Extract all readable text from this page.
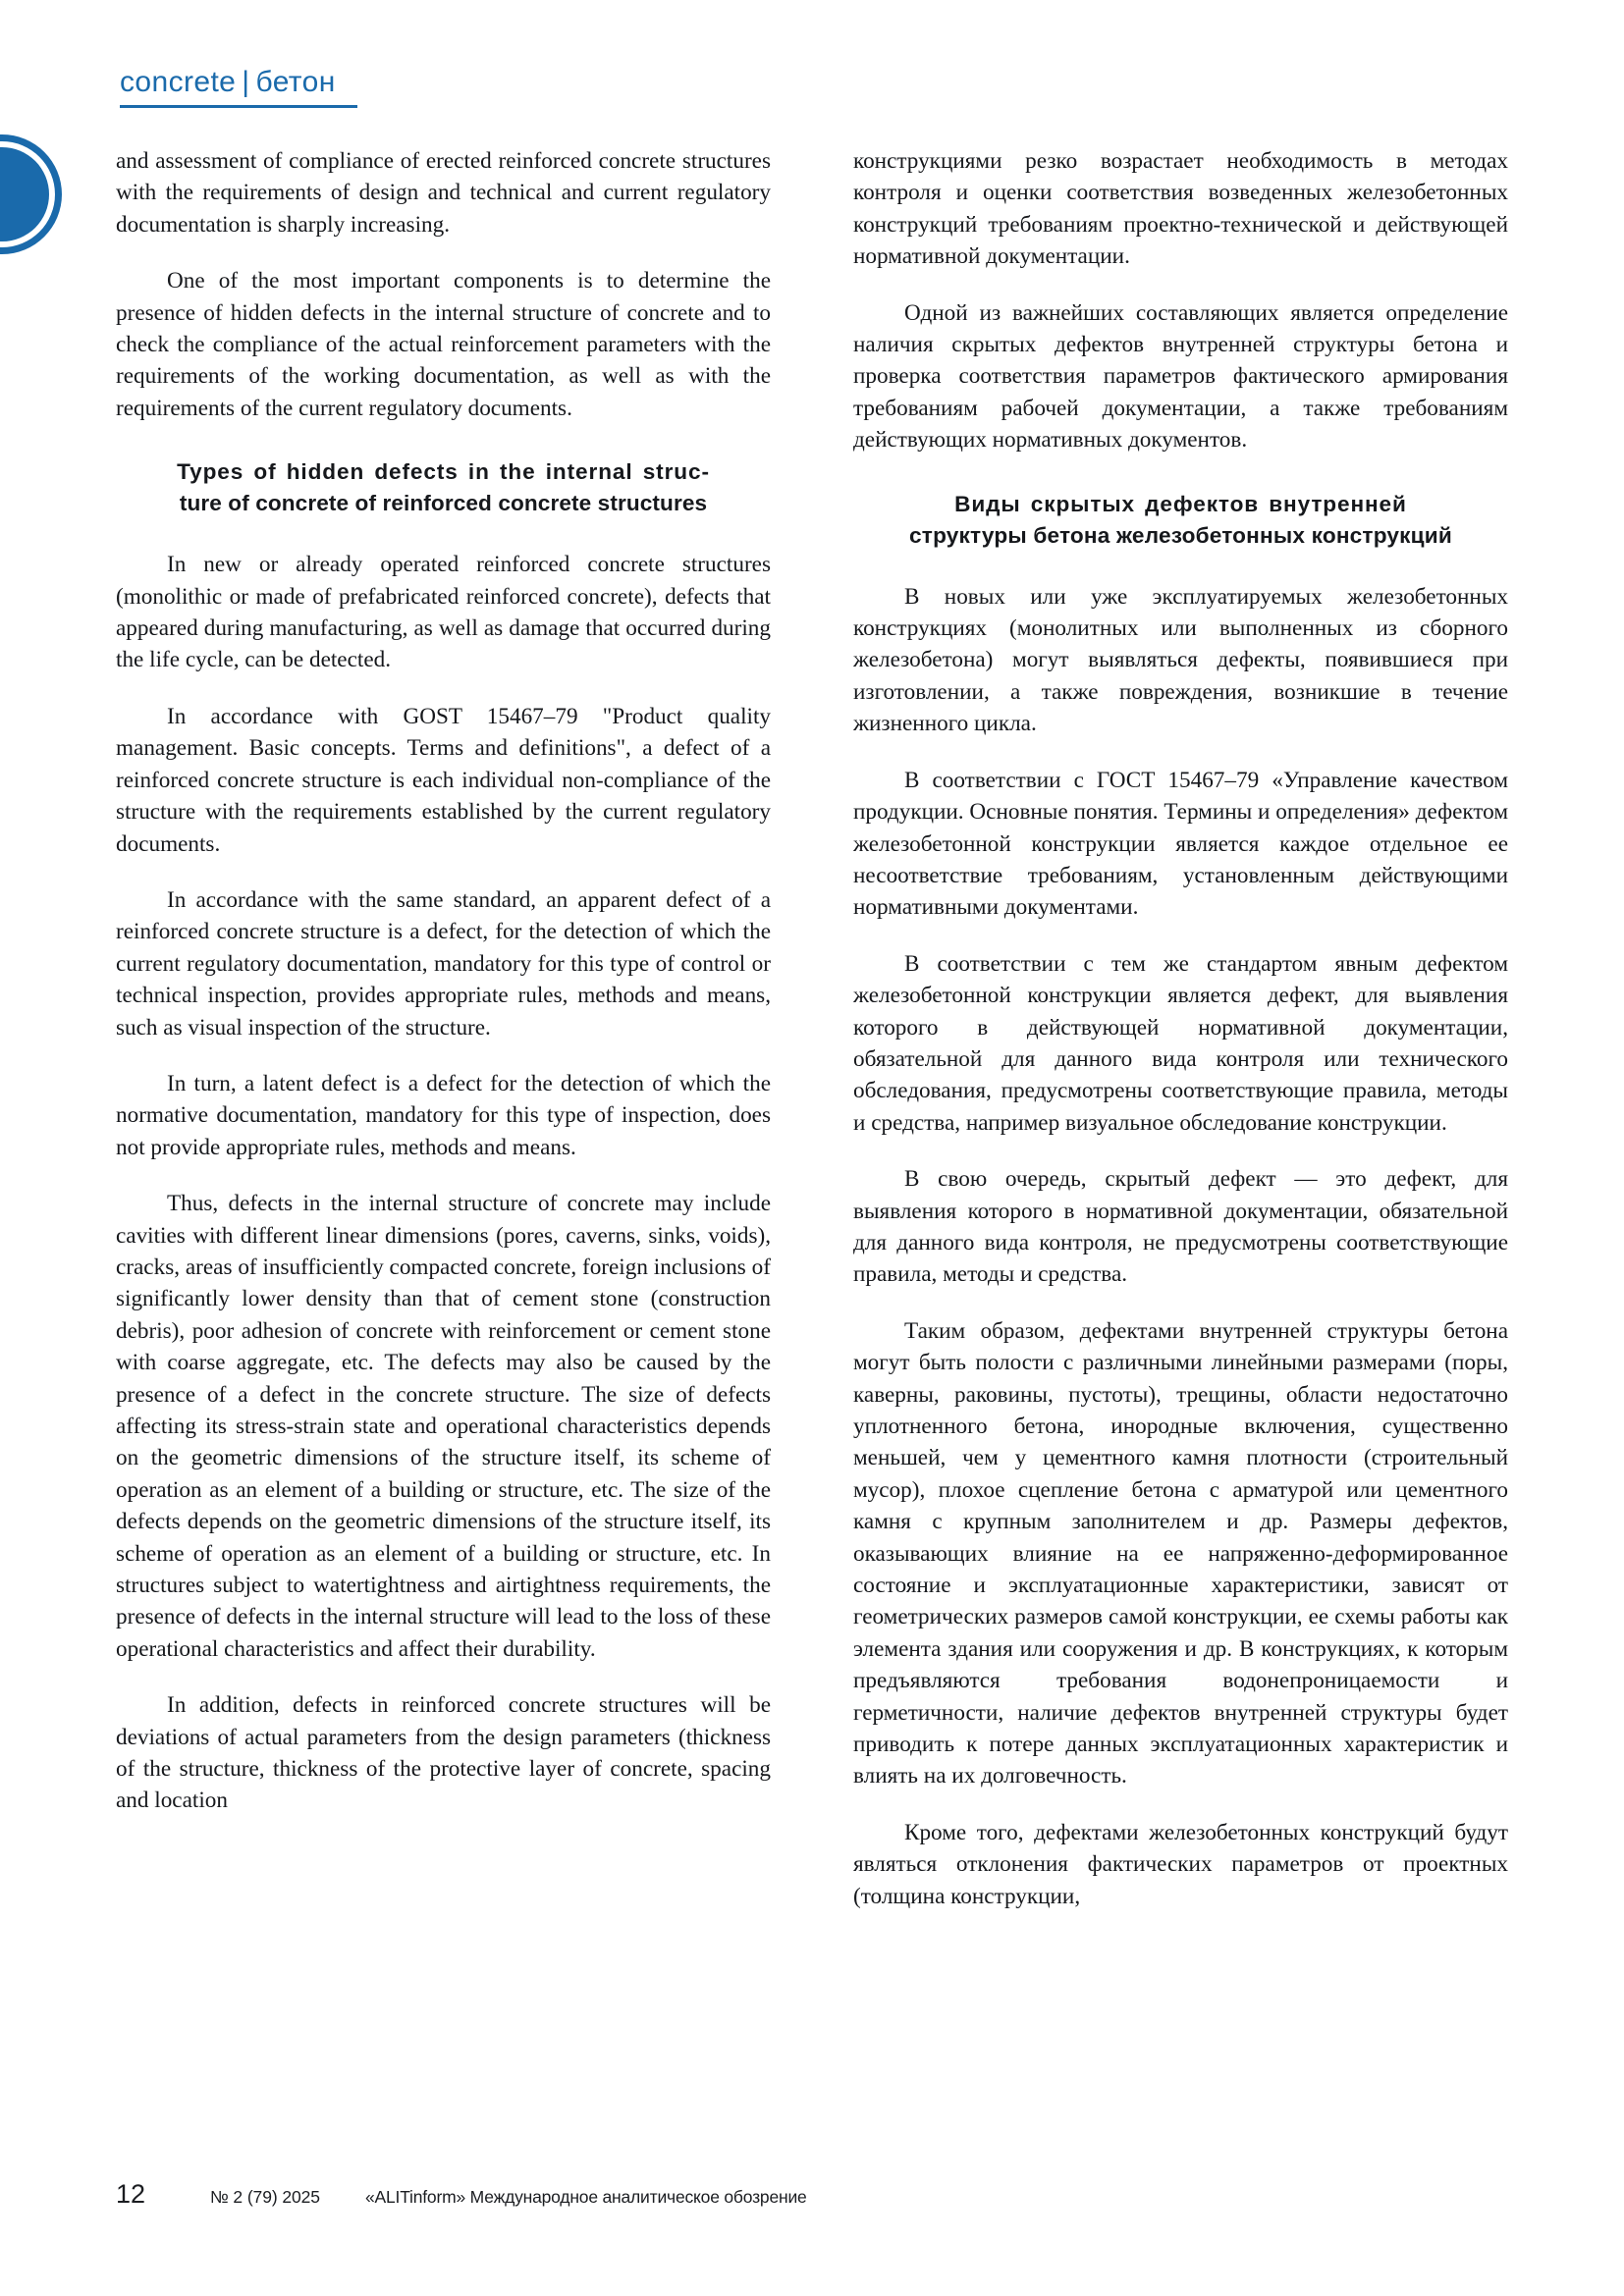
concrete | бетон

and assessment of compliance of erected reinforced concrete structures with the requirements of design and technical and current regulatory documentation is sharply increasing.

One of the most important components is to determine the presence of hidden defects in the internal structure of concrete and to check the compliance of the actual reinforcement parameters with the requirements of the working documentation, as well as with the requirements of the current regulatory documents.

Types of hidden defects in the internal struc-
ture of concrete of reinforced concrete structures

In new or already operated reinforced concrete structures (monolithic or made of prefabricated reinforced concrete), defects that appeared during manufacturing, as well as damage that occurred during the life cycle, can be detected.

In accordance with GOST 15467–79 "Product quality management. Basic concepts. Terms and definitions", a defect of a reinforced concrete structure is each individual non-compliance of the structure with the requirements established by the current regulatory documents.

In accordance with the same standard, an apparent defect of a reinforced concrete structure is a defect, for the detection of which the current regulatory documentation, mandatory for this type of control or technical inspection, provides appropriate rules, methods and means, such as visual inspection of the structure.

In turn, a latent defect is a defect for the detection of which the normative documentation, mandatory for this type of inspection, does not provide appropriate rules, methods and means.

Thus, defects in the internal structure of concrete may include cavities with different linear dimensions (pores, caverns, sinks, voids), cracks, areas of insufficiently compacted concrete, foreign inclusions of significantly lower density than that of cement stone (construction debris), poor adhesion of concrete with reinforcement or cement stone with coarse aggregate, etc. The defects may also be caused by the presence of a defect in the concrete structure. The size of defects affecting its stress-strain state and operational characteristics depends on the geometric dimensions of the structure itself, its scheme of operation as an element of a building or structure, etc. The size of the defects depends on the geometric dimensions of the structure itself, its scheme of operation as an element of a building or structure, etc. In structures subject to watertightness and airtightness requirements, the presence of defects in the internal structure will lead to the loss of these operational characteristics and affect their durability.

In addition, defects in reinforced concrete structures will be deviations of actual parameters from the design parameters (thickness of the structure, thickness of the protective layer of concrete, spacing and location

конструкциями резко возрастает необходимость в методах контроля и оценки соответствия возведенных железобетонных конструкций требованиям проектно-технической и действующей нормативной документации.

Одной из важнейших составляющих является определение наличия скрытых дефектов внутренней структуры бетона и проверка соответствия параметров фактического армирования требованиям рабочей документации, а также требованиям действующих нормативных документов.

Виды скрытых дефектов внутренней
структуры бетона железобетонных конструкций

В новых или уже эксплуатируемых железобетонных конструкциях (монолитных или выполненных из сборного железобетона) могут выявляться дефекты, появившиеся при изготовлении, а также повреждения, возникшие в течение жизненного цикла.

В соответствии с ГОСТ 15467–79 «Управление качеством продукции. Основные понятия. Термины и определения» дефектом железобетонной конструкции является каждое отдельное ее несоответствие требованиям, установленным действующими нормативными документами.

В соответствии с тем же стандартом явным дефектом железобетонной конструкции является дефект, для выявления которого в действующей нормативной документации, обязательной для данного вида контроля или технического обследования, предусмотрены соответствующие правила, методы и средства, например визуальное обследование конструкции.

В свою очередь, скрытый дефект — это дефект, для выявления которого в нормативной документации, обязательной для данного вида контроля, не предусмотрены соответствующие правила, методы и средства.

Таким образом, дефектами внутренней структуры бетона могут быть полости с различными линейными размерами (поры, каверны, раковины, пустоты), трещины, области недостаточно уплотненного бетона, инородные включения, существенно меньшей, чем у цементного камня плотности (строительный мусор), плохое сцепление бетона с арматурой или цементного камня с крупным заполнителем и др. Размеры дефектов, оказывающих влияние на ее напряженно-деформированное состояние и эксплуатационные характеристики, зависят от геометрических размеров самой конструкции, ее схемы работы как элемента здания или сооружения и др. В конструкциях, к которым предъявляются требования водонепроницаемости и герметичности, наличие дефектов внутренней структуры будет приводить к потере данных эксплуатационных характеристик и влиять на их долговечность.

Кроме того, дефектами железобетонных конструкций будут являться отклонения фактических параметров от проектных (толщина конструкции,

12	№ 2 (79) 2025	«ALITinform» Международное аналитическое обозрение
